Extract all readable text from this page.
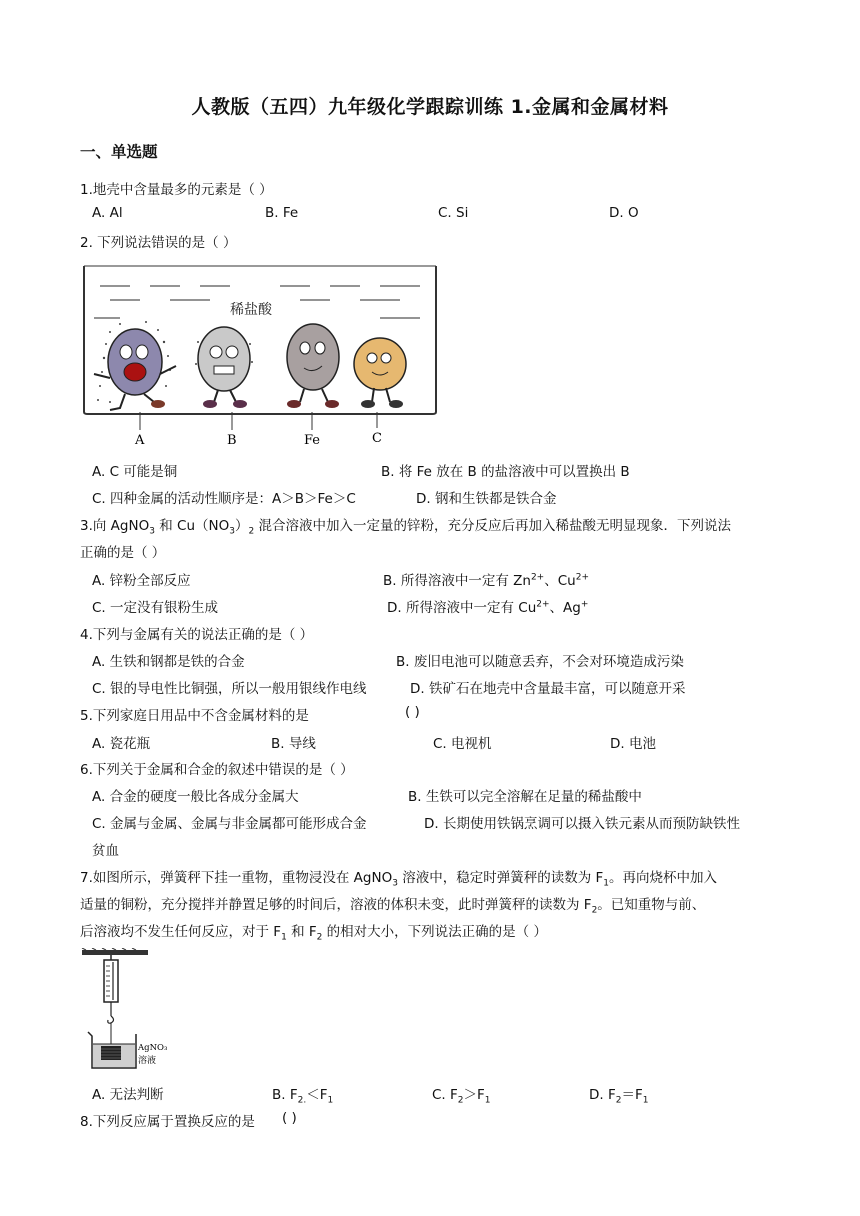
人教版（五四）九年级化学跟踪训练 1.金属和金属材料
一、单选题
1.地壳中含量最多的元素是（ ）
A. Al	B. Fe	C. Si	D. O
2. 下列说法错误的是（ ）
稀盐酸
A	B	Fe	C
A. C 可能是铜	B. 将 Fe 放在 B 的盐溶液中可以置换出 B
C. 四种金属的活动性顺序是：A＞B＞Fe＞C	D. 钢和生铁都是铁合金
3.向 AgNO$_3$ 和 $Cu(NO_3)_2$ 混合溶液中加入一定量的锌粉，充分反应后再加入稀盐酸无明显现象．下列说法
正确的是（ ）
A. 锌粉全部反应	B. 所得溶液中一定有 $Zn^{2+}$、$Cu^{2+}$
C. 一定没有银粉生成	D. 所得溶液中一定有 $Cu^{2+}$、Ag+
4.下列与金属有关的说法正确的是（ ）
A. 生铁和钢都是铁的合金	B. 废旧电池可以随意丢弃，不会对环境造成污染
C. 银的导电性比铜强，所以一般用银线作电线	D. 铁矿石在地壳中含量最丰富，可以随意开采
5.下列家庭日用品中不含金属材料的是	( )
A. 瓷花瓶	B. 导线	C. 电视机	D. 电池
6.下列关于金属和合金的叙述中错误的是（ ）
A. 合金的硬度一般比各成分金属大	B. 生铁可以完全溶解在足量的稀盐酸中
C. 金属与金属、金属与非金属都可能形成合金	D. 长期使用铁锅烹调可以摄入铁元素从而预防缺铁性
贫血
7.如图所示，弹簧秤下挂一重物，重物浸没在 AgNO$_3$ 溶液中，稳定时弹簧秤的读数为 $F_1$。再向烧杯中加入
适量的铜粉，充分搅拌并静置足够的时间后，溶液的体积未变，此时弹簧秤的读数为 $F_2$。已知重物与前、
后溶液均不发生任何反应，对于 $F_1$ 和 $F_2$ 的相对大小，下列说法正确的是（ ）
AgNO₃
溶液
A. 无法判断	B. $F_{2.}<F_1$	C. $F_2>F_1$	D. $F_2=F_1$
8.下列反应属于置换反应的是 ( )
